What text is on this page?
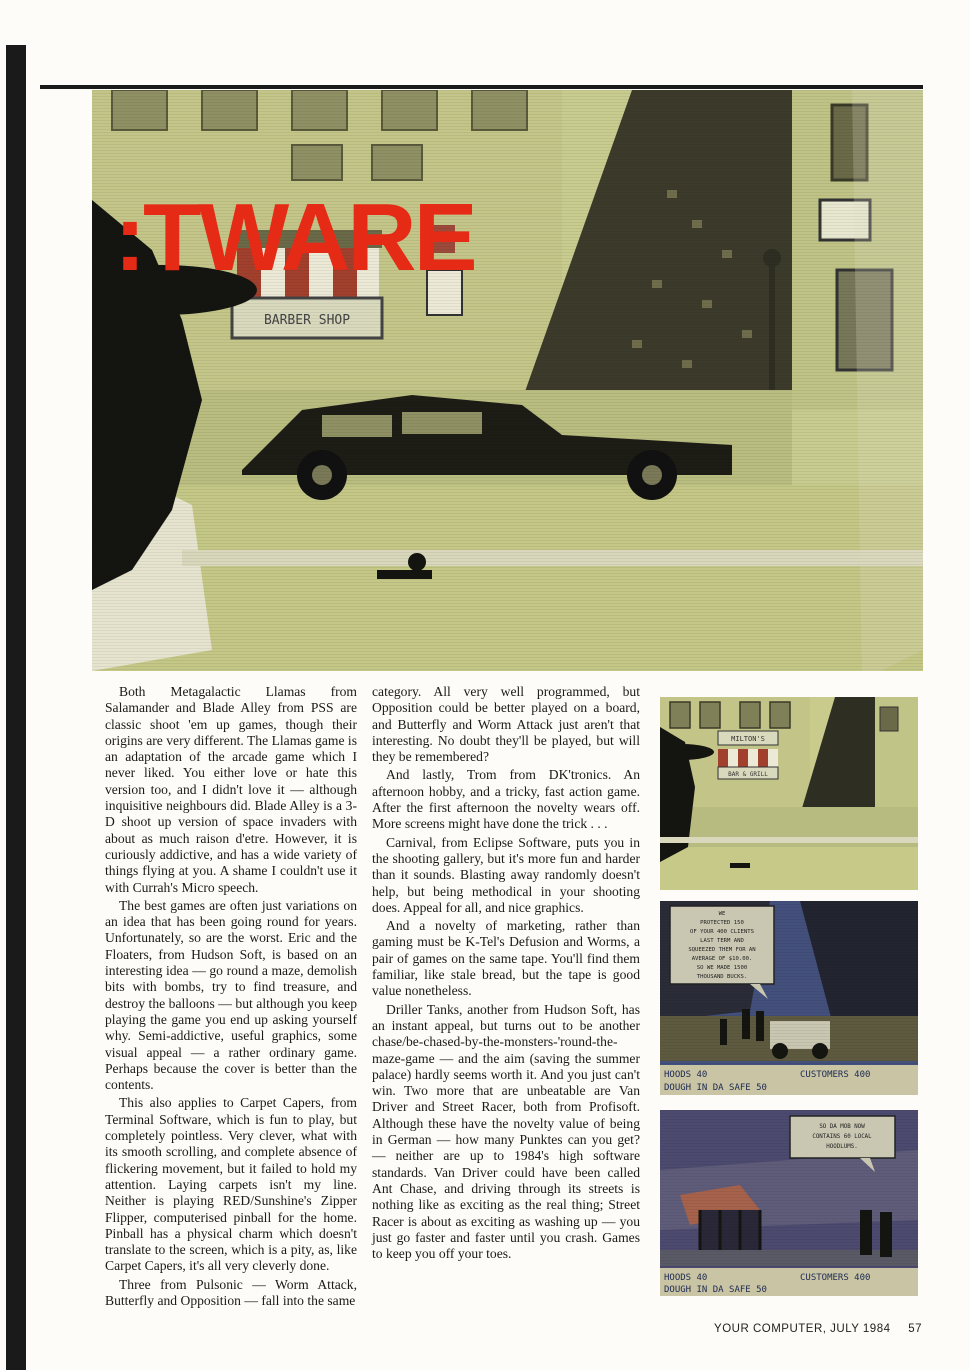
:TWARE

Both Metagalactic Llamas from Salamander and Blade Alley from PSS are classic shoot 'em up games, though their origins are very different. The Llamas game is an adaptation of the arcade game which I never liked. You either love or hate this version too, and I didn't love it — although inquisitive neighbours did. Blade Alley is a 3-D shoot up version of space invaders with about as much raison d'etre. However, it is curiously addictive, and has a wide variety of things flying at you. A shame I couldn't use it with Currah's Micro speech.

The best games are often just variations on an idea that has been going round for years. Unfortunately, so are the worst. Eric and the Floaters, from Hudson Soft, is based on an interesting idea — go round a maze, demolish bits with bombs, try to find treasure, and destroy the balloons — but although you keep playing the game you end up asking yourself why. Semi-addictive, useful graphics, some visual appeal — a rather ordinary game. Perhaps because the cover is better than the contents.

This also applies to Carpet Capers, from Terminal Software, which is fun to play, but completely pointless. Very clever, what with its smooth scrolling, and complete absence of flickering movement, but it failed to hold my attention. Laying carpets isn't my line. Neither is playing RED/Sunshine's Zipper Flipper, computerised pinball for the home. Pinball has a physical charm which doesn't translate to the screen, which is a pity, as, like Carpet Capers, it's all very cleverly done.

Three from Pulsonic — Worm Attack, Butterfly and Opposition — fall into the same

category. All very well programmed, but Opposition could be better played on a board, and Butterfly and Worm Attack just aren't that interesting. No doubt they'll be played, but will they be remembered?

And lastly, Trom from DK'tronics. An afternoon hobby, and a tricky, fast action game. After the first afternoon the novelty wears off. More screens might have done the trick . . .

Carnival, from Eclipse Software, puts you in the shooting gallery, but it's more fun and harder than it sounds. Blasting away randomly doesn't help, but being methodical in your shooting does. Appeal for all, and nice graphics.

And a novelty of marketing, rather than gaming must be K-Tel's Defusion and Worms, a pair of games on the same tape. You'll find them familiar, like stale bread, but the tape is good value nonetheless.

Driller Tanks, another from Hudson Soft, has an instant appeal, but turns out to be another chase/be-chased-by-the-monsters-'round-the-maze-game — and the aim (saving the summer palace) hardly seems worth it. And you just can't win. Two more that are unbeatable are Van Driver and Street Racer, both from Profisoft. Although these have the novelty value of being in German — how many Punktes can you get? — neither are up to 1984's high software standards. Van Driver could have been called Ant Chase, and driving through its streets is nothing like as exciting as the real thing; Street Racer is about as exciting as washing up — you just go faster and faster until you crash. Games to keep you off your toes.

MILTON'S
BAR & GRILL
WE
PROTECTED 150
OF YOUR 400 CLIENTS
LAST TERM AND
SQUEEZED THEM FOR AN
AVERAGE OF $10.00.
SO WE MADE 1500
THOUSAND BUCKS.
HOODS 40
DOUGH IN DA SAFE 50
CUSTOMERS 400
SO DA MOB NOW
CONTAINS 60 LOCAL
HOODLUMS.
HOODS 40
DOUGH IN DA SAFE 50
CUSTOMERS 400
YOUR COMPUTER, JULY 1984 57
